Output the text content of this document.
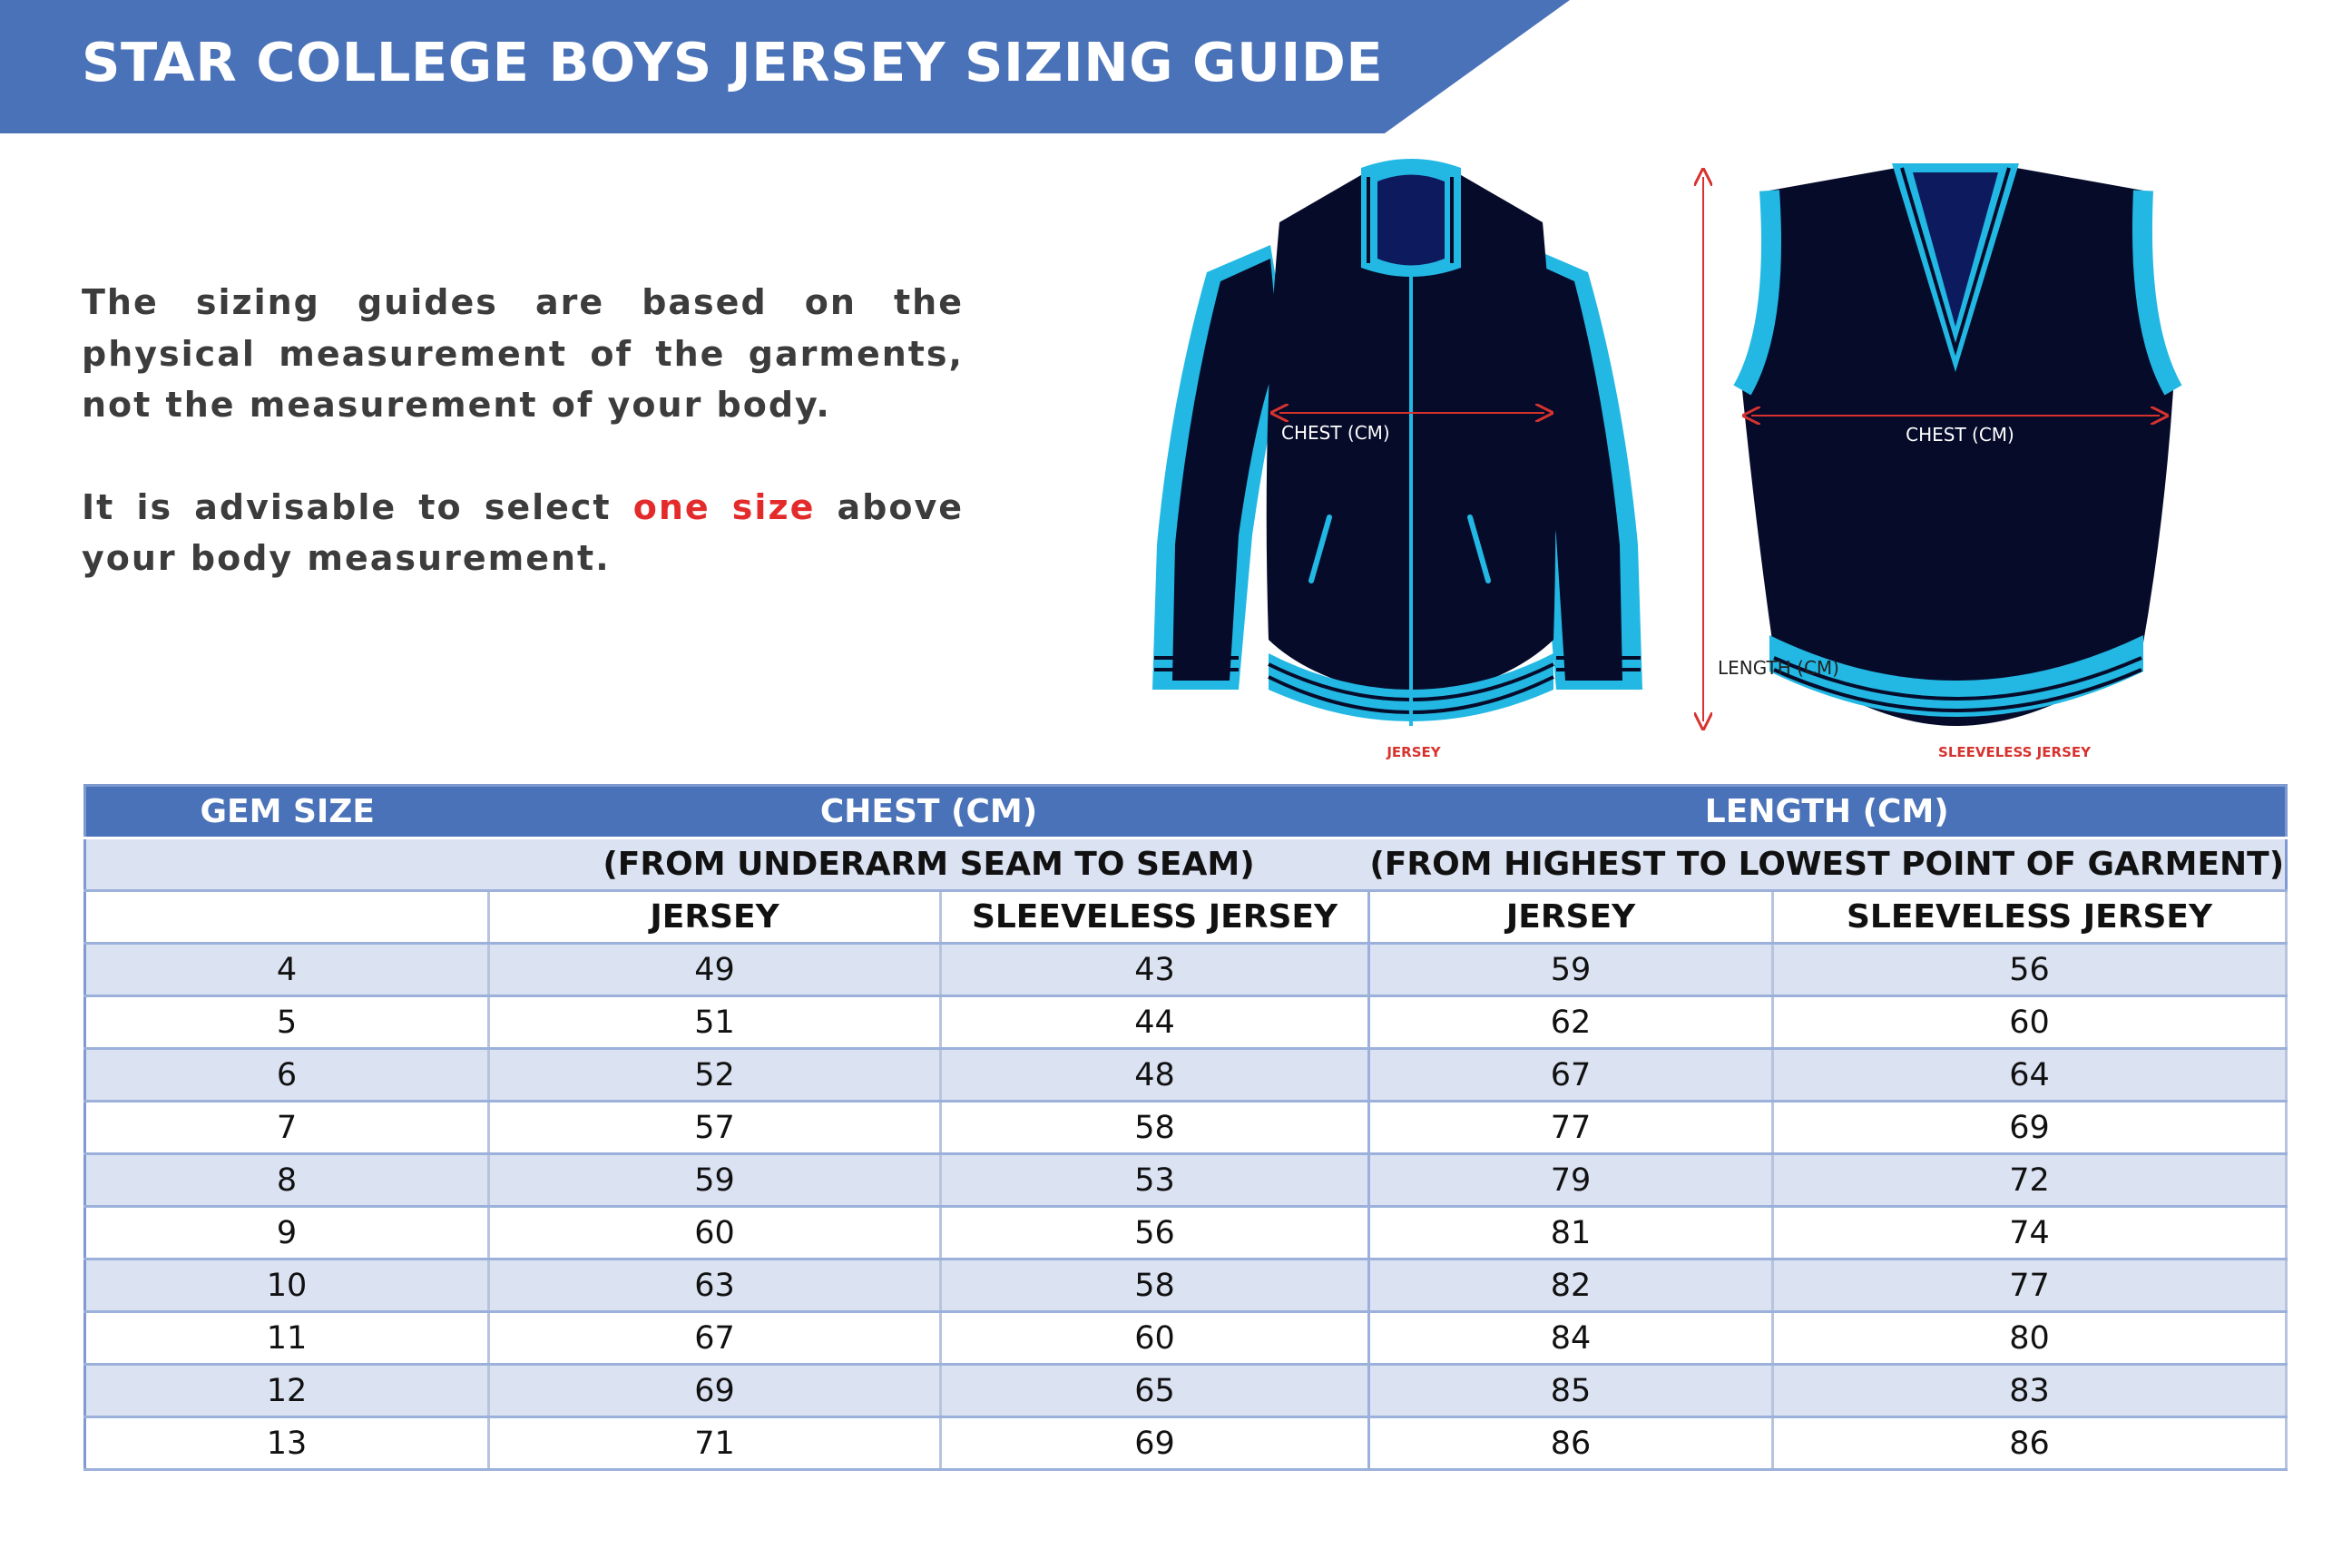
STAR COLLEGE BOYS JERSEY SIZING GUIDE

The sizing guides are based on the physical measurement of the garments, not the measurement of your body.

It is advisable to select one size above your body measurement.

CHEST (CM)	CHEST (CM)
LENGTH (CM)
JERSEY	SLEEVELESS JERSEY
GEM SIZE	CHEST (CM)		LENGTH (CM)	
	(FROM UNDERARM SEAM TO SEAM)		(FROM HIGHEST TO LOWEST POINT OF GARMENT)	
	JERSEY	SLEEVELESS JERSEY	JERSEY	SLEEVELESS JERSEY
4	49	43	59	56
5	51	44	62	60
6	52	48	67	64
7	57	58	77	69
8	59	53	79	72
9	60	56	81	74
10	63	58	82	77
11	67	60	84	80
12	69	65	85	83
13	71	69	86	86
